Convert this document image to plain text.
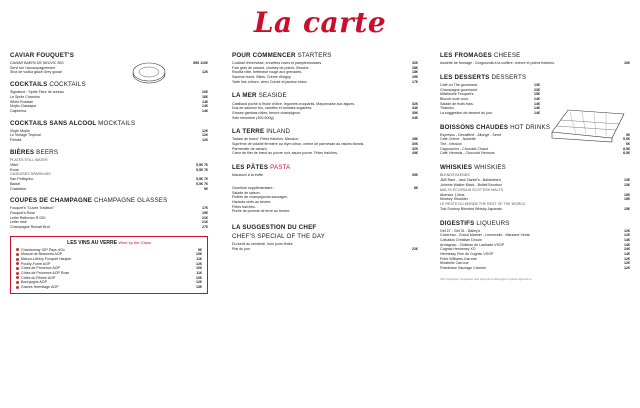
La carte
CAVIAR FOUQUET'S
CAVIAR BAERII DE NEUVIC BIO	85€ 110€
Servi sur l'accompagnement
Shot de vodka glacé Grey goose	12€
COCKTAILS COCKTAILS
Signature : Spritz Fleur de sureau	16€
Le Spritz Chandon	16€
White Russian	14€
Mojito Classique	14€
Caipirinha	14€
COCKTAILS SANS ALCOOL MOCKTAILS
Virgin Mojito	12€
Le Vintage Tropical	12€
Felicità	12€
BIÈRES BEERS
PLATES STILL WATER
Vittel	5,5€ 7€
Evian	5,5€ 7€
GAZEUSES SPARKLING
San Pellegrino	5,5€ 7€
Badoit	5,5€ 7€
Chateldon	9€
COUPES DE CHAMPAGNE CHAMPAGNE GLASSES
Fouquet's "Cuvée Tradition"	17€
Fouquet's Rosé	19€
Leller Reflexion R.020	21€
Leller rosé	21€
Champagne Ruinart Brut	27€
LES VINS AU VERRE Wine by the Glass
Chardonnay IGP Pays d'Oc	9€
Muscat de Beaumes AOP	10€
Mâcon-Uchizy Fouquet Hautpin	11€
Pouilly-Fumé AOP	12€
Côtes de Provence AOP	10€
Côtes de Provence AOP Rosé	11€
Côtes du Rhône AOP	10€
Bourgogne AOP	12€
Graves Hermitage AOP	13€
POUR COMMENCER STARTERS
Cocktail d'écrevisse, crevettes roses et pamplemousses.	32€
Foie gras de canard, chutney de poires. Brioche.	28€
Ricotta rôtie, betterave rouge aux grenades.	18€
Saumon fumé. Blinis. Crème d'Isigny.	29€
Tarte fine chèvre, vieux Comté et jambon blanc.	17€
LA MER SEASIDE
Cabillaud poché à l'huile d'olive, légumes croquants. Mayonnaise aux algues.	32€
Dos de saumon bio, carottes et tomates sugarées.	34€
Grosse gambas rôties, beurre champignon.	39€
Sole meunière (400-500g)	64€
LA TERRE INLAND
Tartare de boeuf. Frites fraîches. Mesclun.	28€
Suprême de volaille fermière au thym citron, crème de parmesan au raisins blonds.	30€
Parmentier de canard.	32€
Cœur de filet de bœuf au poivre noir, sauce poivre. Frites fraîches.	49€
LES PÂTES PASTA
Macaroni à la truffe.	35€
Garniture supplémentaire :	8€
Salade de saison.
Poêlée de champignons sauvages.
Haricots verts au beurre.
Frites fraîches.
Purée de pomme de terre au beurre.
LA SUGGESTION DU CHEF
CHEF'S SPECIAL OF THE DAY
Du lundi au vendredi, hors jours fériés
Plat du jour	22€
LES FROMAGES CHEESE
Assiette de fromage : Gorgonzola à la cuillère, chèvre et poires fraîches.	16€
LES DESSERTS DESSERTS
Café ou Thé gourmand.	13€
Champagne gourmand.	23€
Millefeuille Fouquet's.	15€
Biscuit roulé coco.	14€
Salade de fruits frais.	14€
Tiramisu.	14€
La suggestion de dessert du jour.	14€
BOISSONS CHAUDES HOT DRINKS
Espresso - Décaféiné - Allongé - Serré	5€
Café Crème - Noisette	5,5€
Thé - Infusion	6€
Cappuccino - Chocolat Chaud	8,5€
Café Viennois - Chocolat Viennois	8,5€
WHISKIES WHISKIES
BLENDS BLENDS
J&B Rare - Jack Daniel's - Ballantine's	13€
Johnnie Walker Black - Bulleit Bourbon	13€
MALTS ÉCOSSAIS SCOTTISH MALTS
Aberlour 12ans	15€
Monkey Shoulder	15€
LE RESTE DU MONDE THE REST OF THE WORLD
Toki Suntory Blended Whisky Japonais	15€
DIGESTIFS LIQUEURS
Get 27 - Get 31 - Bailey's	12€
Cointreau - Grand Marnier - Limoncello - Marzane Verde	12€
Calvados Christian Drouin	14€
Armagnac - Château de Laubade VSOP	14€
Cognac Hennessy XO	24€
Hennessy Fine de Cognac VSOP	14€
Poire Williams Carrone	12€
Mirabelle Carrone	12€
Framboise Sauvage Carrone	12€
Plat Végétarien Vegetarian dish Agriculture Biologique Organic agriculture
